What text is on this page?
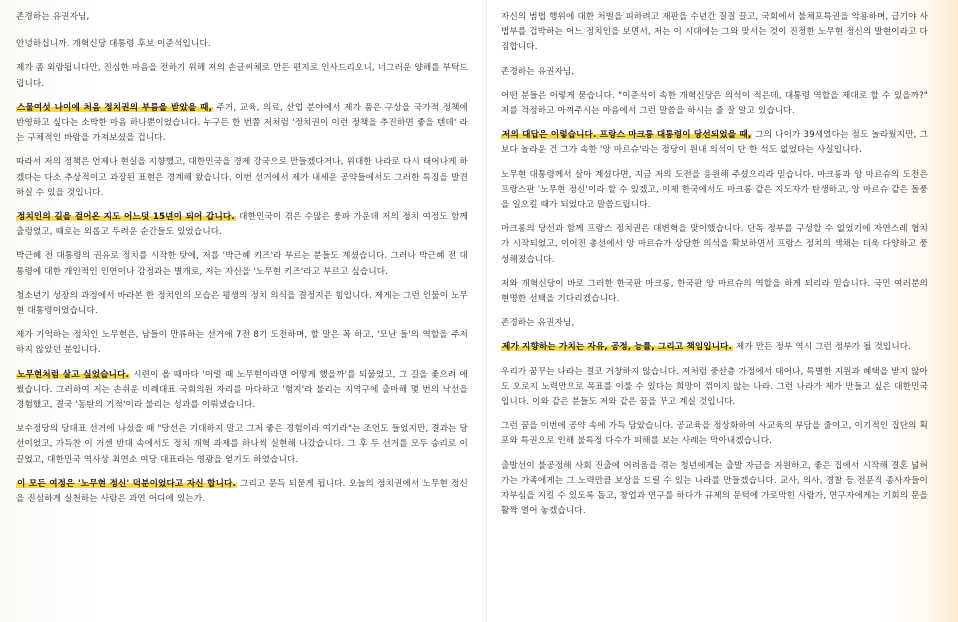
존경하는 유권자님,

안녕하십니까. 개혁신당 대통령 후보 이준석입니다.

제가 좀 외람됩니다만, 진심한 마음을 전하기 위해 저의 손글씨체로 만든 편지로 인사드리오니, 너그러운 양해를 부탁드립니다.

스물여섯 나이에 처음 정치권의 부름을 받았을 때, 주거, 교육, 의료, 산업 분야에서 제가 품은 구상을 국가적 정책에 반영하고 싶다는 소박한 마음 하나뿐이었습니다. 누구든 한 번쯤 저처럼 '정치권이 이런 정책을 추진하면 좋을 텐데' 라는 구체적인 바람을 가져보셨을 겁니다.

따라서 저의 정책은 언제나 현실을 지향했고, 대한민국을 경제 강국으로 만들겠다거나, 위대한 나라로 다시 태어나게 하겠다는 다소 추상적이고 과장된 표현은 경계해 왔습니다. 이번 선거에서 제가 내세운 공약들에서도 그러한 특징을 발견하실 수 있을 것입니다.

정치인의 길을 걸어온 지도 어느덧 15년이 되어 갑니다. 대한민국이 겪은 수많은 풍파 가운데 저의 정치 여정도 함께 출렁였고, 때로는 외롭고 두려운 순간들도 있었습니다.

박근혜 전 대통령의 권유로 정치를 시작한 탓에, 저를 '박근혜 키즈'라 부르는 분들도 계셨습니다. 그러나 박근혜 전 대통령에 대한 개인적인 인연이나 감정과는 별개로, 저는 자신을 '노무현 키즈'라고 부르고 싶습니다.

청소년기 성장의 과정에서 바라본 한 정치인의 모습은 평생의 정치 의식을 결정지은 힘입니다. 제게는 그런 인물이 노무현 대통령이었습니다.

제가 기억하는 정치인 노무현은, 남들이 만류하는 선거에 7전 8기 도전하며, 할 말은 꼭 하고, '모난 돌'의 역할을 주저하지 않았던 분입니다.

노무현처럼 살고 싶었습니다. 시련이 올 때마다 '이럴 때 노무현이라면 어떻게 했을까'를 되물었고, 그 길을 좇으려 애썼습니다. 그러하여 저는 손쉬운 비례대표 국회의원 자리를 마다하고 '험지'라 불리는 지역구에 출마해 몇 번의 낙선을 경험했고, 결국 '동탄의 기적'이라 불리는 성과를 이뤄냈습니다.

보수정당의 당대표 선거에 나섰을 때 "당선은 기대하지 말고 그저 좋은 경험이라 여기라"는 조언도 들었지만, 결과는 당선이었고, 가득찬 이 거센 반대 속에서도 정치 개혁 과제를 하나씩 실현해 나갔습니다. 그 후 두 선거를 모두 승리로 이끌었고, 대한민국 역사상 최연소 여당 대표라는 영광을 얻기도 하였습니다.

이 모든 여정은 '노무현 정신' 덕분이었다고 자신 합니다. 그리고 문득 되묻게 됩니다. 오늘의 정치권에서 노무현 정신을 진심하게 실천하는 사람은 과연 어디에 있는가.

자신의 범법 행위에 대한 처벌을 피하려고 재판을 수년간 질질 끌고, 국회에서 불체포특권을 악용하며, 급기야 사법부를 겁박하는 어느 정치인을 보면서, 저는 이 시대에는 그와 맞서는 것이 진정한 노무현 정신의 발현이라고 다짐합니다.

존경하는 유권자님,

어떤 분들은 이렇게 묻습니다. "이준석이 속한 개혁신당은 의석이 적은데, 대통령 역할을 제대로 할 수 있을까?" 저를 걱정하고 아껴주시는 마음에서 그런 말씀을 하시는 줄 잘 알고 있습니다.

저의 대답은 이렇습니다. 프랑스 마크롱 대통령이 당선되었을 때, 그의 나이가 39세였다는 점도 놀라웠지만, 그보다 놀라운 건 그가 속한 '앙 마르슈'라는 정당이 원내 의석이 단 한 석도 없었다는 사실입니다.

노무현 대통령께서 살아 계셨다면, 지금 저의 도전을 응원해 주셨으리라 믿습니다. 마크롱과 앙 마르슈의 도전은 프랑스판 '노무현 정신'이라 할 수 있겠고, 이제 한국에서도 마크롱 같은 지도자가 탄생하고, 앙 마르슈 같은 돌풍을 일으킬 때가 되었다고 말씀드립니다.

마크롱의 당선과 함께 프랑스 정치권은 대변혁을 맞이했습니다. 단독 정부를 구성할 수 없었기에 자연스레 협치가 시작되었고, 이어진 총선에서 앙 마르슈가 상당한 의석을 확보하면서 프랑스 정치의 색채는 더욱 다양하고 풍성해졌습니다.

저와 개혁신당이 바로 그러한 한국판 마크롱, 한국판 앙 마르슈의 역할을 하게 되리라 믿습니다. 국민 여러분의 현명한 선택을 기다리겠습니다.

존경하는 유권자님,

제가 지향하는 가치는 자유, 공정, 능률, 그리고 책임입니다. 제가 만든 정부 역시 그런 정부가 될 것입니다.

우리가 꿈꾸는 나라는 결코 거창하지 않습니다. 저처럼 중산층 가정에서 태어나, 특별한 지원과 혜택을 받지 않아도 오로지 노력만으로 목표를 이룰 수 있다는 희망이 꺾이지 않는 나라. 그런 나라가 제가 만들고 싶은 대한민국입니다. 이와 같은 분들도 저와 같은 꿈을 꾸고 계실 것입니다.

그런 꿈을 이번에 공약 속에 가득 담았습니다. 공교육을 정상화하여 사교육의 부담을 줄이고, 이기적인 집단의 획포와 특권으로 인해 불특정 다수가 피해를 보는 사례는 막아내겠습니다.

출발선이 불공정해 사회 진출에 어려움을 겪는 청년에게는 출발 자금을 지원하고, 좋은 집에서 시작해 결혼 넓혀가는 가족에게는 그 노력만큼 보상을 드릴 수 있는 나라를 만들겠습니다. 교사, 의사, 경찰 등 전문직 종사자들이 자부심을 지킬 수 있도록 돕고, 창업과 연구를 하다가 규제의 문턱에 가로막힌 사람가, 연구자에게는 기회의 문을 활짝 열어 놓겠습니다.
